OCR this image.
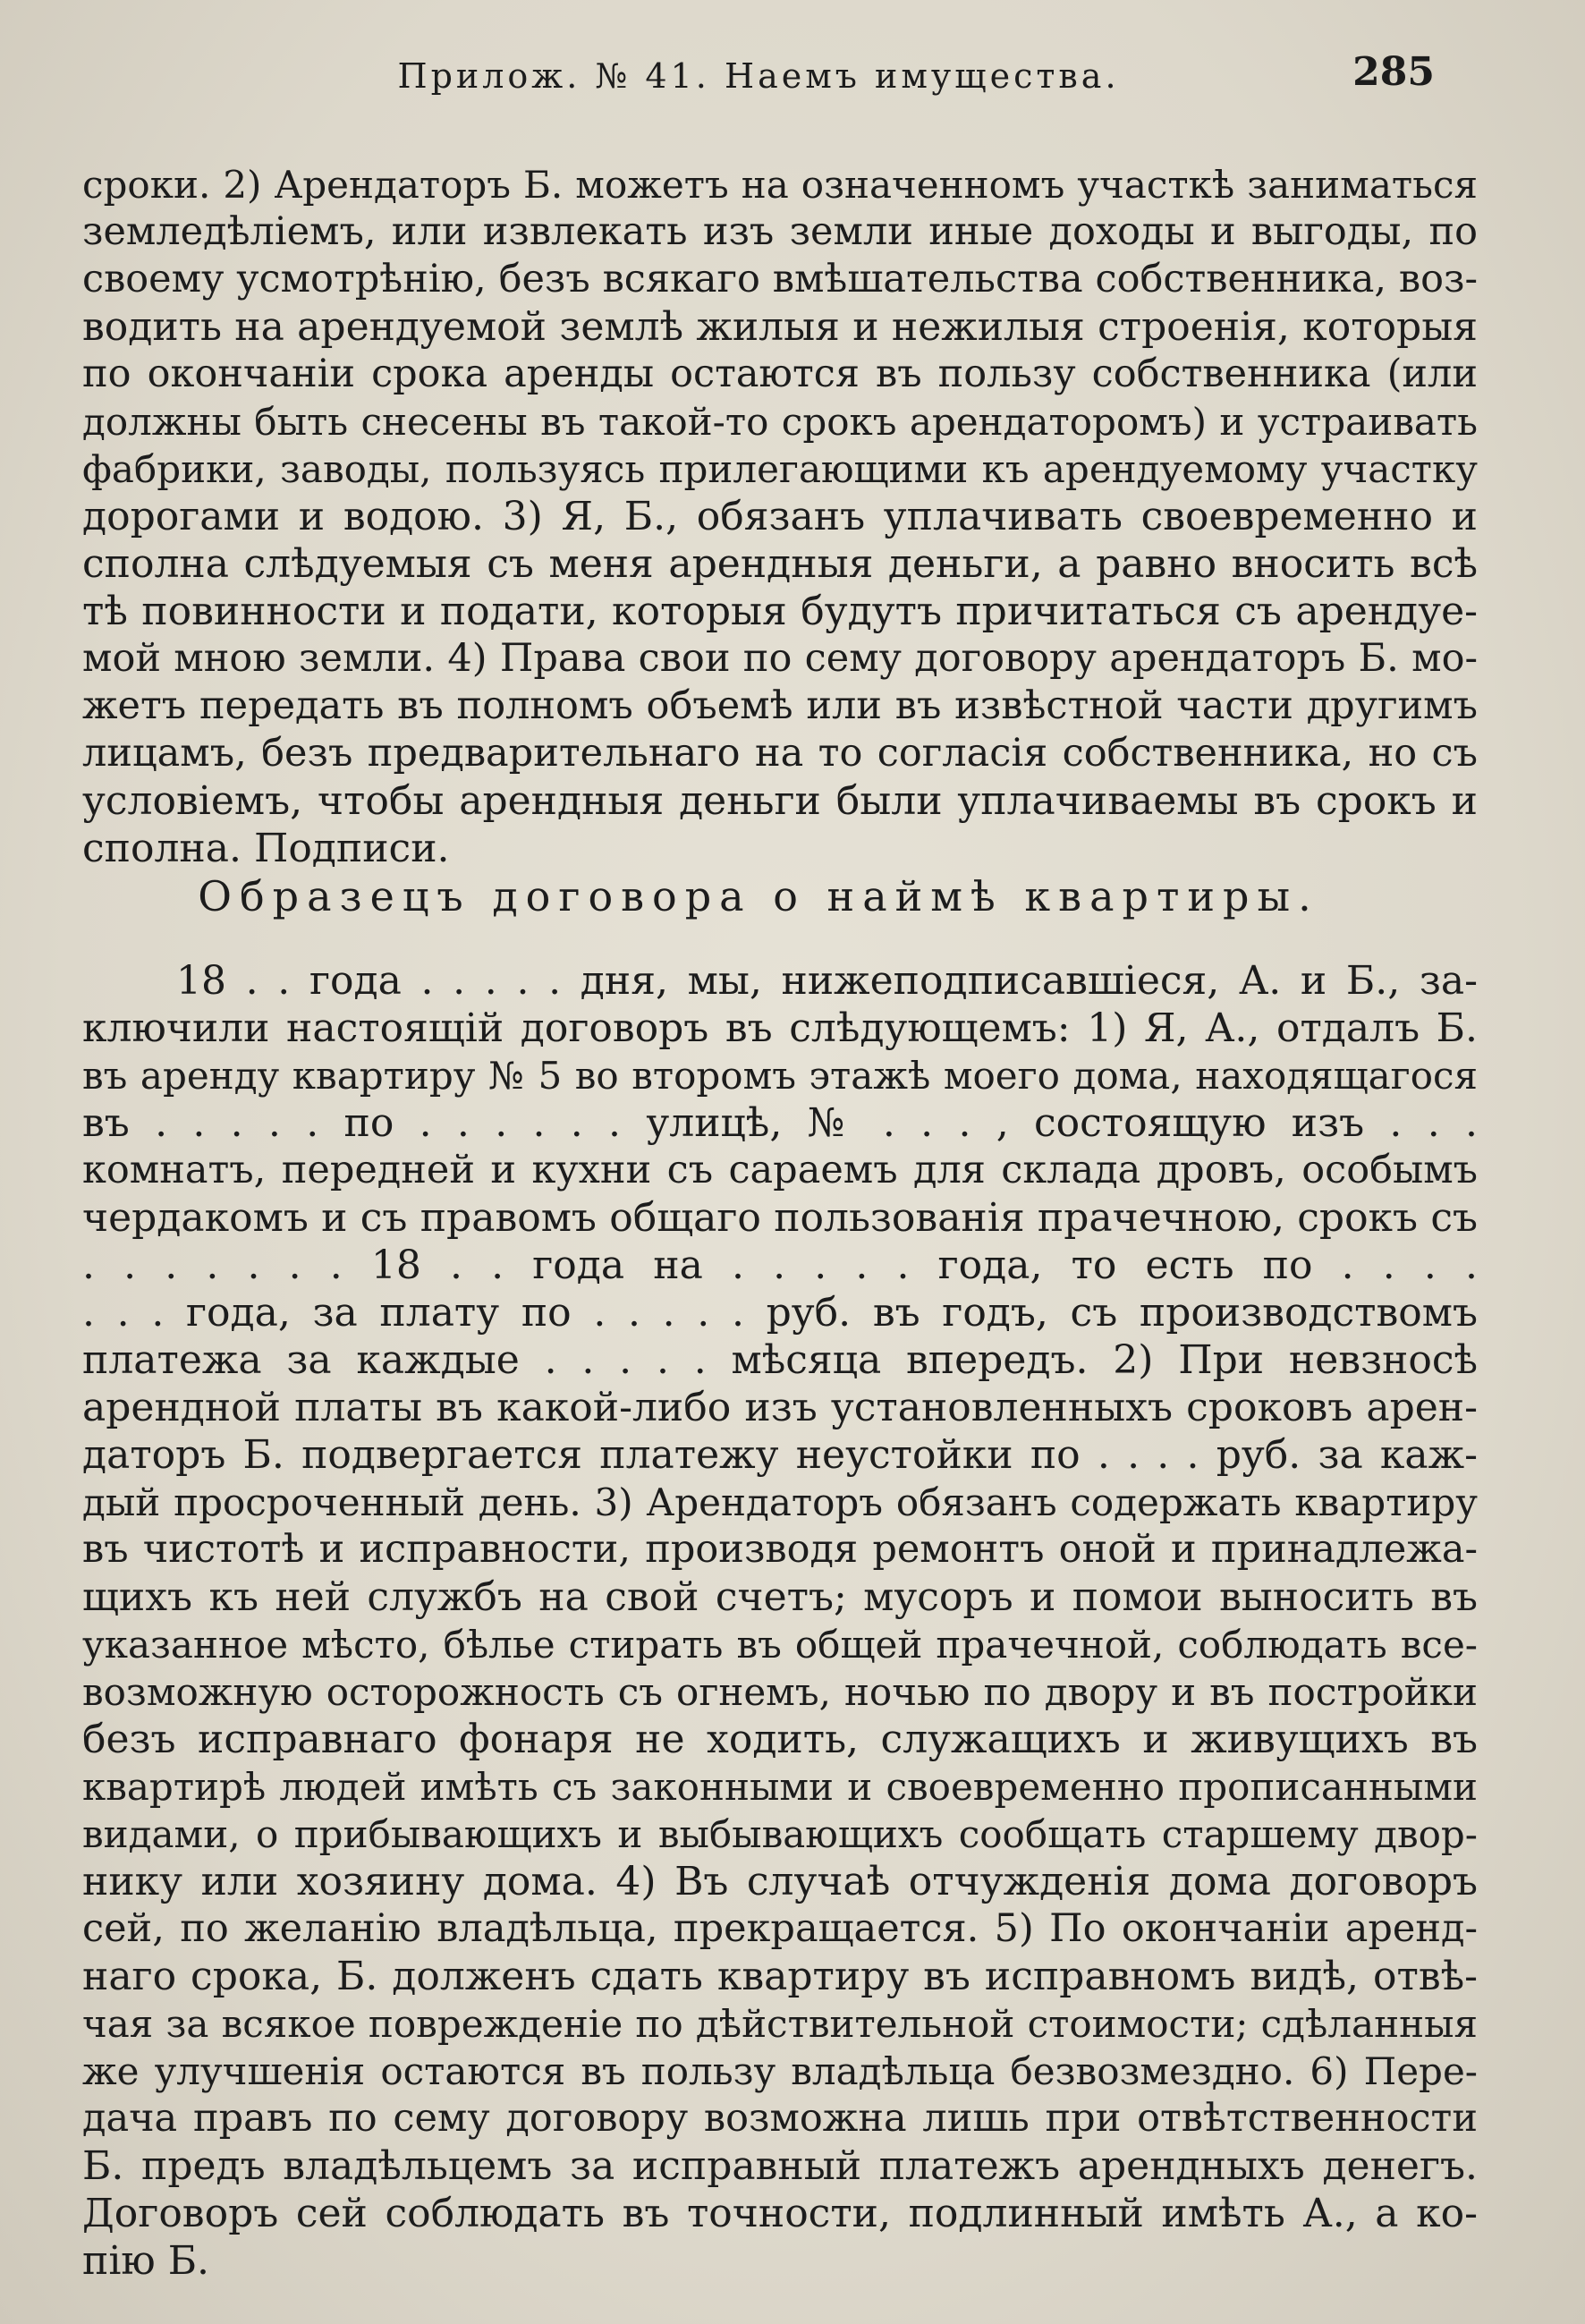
Прилож. № 41. Наемъ имущества.	285
сроки. 2) Арендаторъ Б. можетъ на означенномъ участкѣ заниматься
земледѣліемъ, или извлекать изъ земли иные доходы и выгоды, по
своему усмотрѣнію, безъ всякаго вмѣшательства собственника, воз-
водить на арендуемой землѣ жилыя и нежилыя строенія, которыя
по окончаніи срока аренды остаются въ пользу собственника (или
должны быть снесены въ такой-то срокъ арендаторомъ) и устраивать
фабрики, заводы, пользуясь прилегающими къ арендуемому участку
дорогами и водою. 3) Я, Б., обязанъ уплачивать своевременно и
сполна слѣдуемыя съ меня арендныя деньги, а равно вносить всѣ
тѣ повинности и подати, которыя будутъ причитаться съ арендуе-
мой мною земли. 4) Права свои по сему договору арендаторъ Б. мо-
жетъ передать въ полномъ объемѣ или въ извѣстной части другимъ
лицамъ, безъ предварительнаго на то согласія собственника, но съ
условіемъ, чтобы арендныя деньги были уплачиваемы въ срокъ и
сполна. Подписи.
Образецъ договора о наймѣ квартиры.
18 . . года . . . . . дня, мы, нижеподписавшіеся, А. и Б., за-
ключили настоящій договоръ въ слѣдующемъ: 1) Я, А., отдалъ Б.
въ аренду квартиру № 5 во второмъ этажѣ моего дома, находящагося
въ . . . . . по . . . . . . улицѣ, № . . . , состоящую изъ . . .
комнатъ, передней и кухни съ сараемъ для склада дровъ, особымъ
чердакомъ и съ правомъ общаго пользованія прачечною, срокъ съ
. . . . . . . 18 . . года на . . . . . года, то есть по . . . .
. . . года, за плату по . . . . . руб. въ годъ, съ производствомъ
платежа за каждые . . . . . мѣсяца впередъ. 2) При невзносѣ
арендной платы въ какой-либо изъ установленныхъ сроковъ арен-
даторъ Б. подвергается платежу неустойки по . . . . руб. за кaж-
дый просроченный день. 3) Арендаторъ обязанъ содержать квартиру
въ чистотѣ и исправности, производя ремонтъ оной и принадлежа-
щихъ къ ней службъ на свой счетъ; мусоръ и помои выносить въ
указанное мѣсто, бѣлье стирать въ общей прачечной, соблюдать все-
возможную осторожность съ огнемъ, ночью по двору и въ постройки
безъ исправнаго фонаря не ходить, служащихъ и живущихъ въ
квартирѣ людей имѣть съ законными и своевременно прописанными
видами, о прибывающихъ и выбывающихъ сообщать старшему двор-
нику или хозяину дома. 4) Въ случаѣ отчужденія дома договоръ
сей, по желанію владѣльца, прекращается. 5) По окончаніи аренд-
наго срока, Б. долженъ сдать квартиру въ исправномъ видѣ, отвѣ-
чая за всякое поврежденіе по дѣйствительной стоимости; сдѣланныя
же улучшенія остаются въ пользу владѣльца безвозмездно. 6) Пере-
дача правъ по сему договору возможна лишь при отвѣтственности
Б. предъ владѣльцемъ за исправный платежъ арендныхъ денегъ.
Договоръ сей соблюдать въ точности, подлинный имѣть А., а ко-
пію Б.
